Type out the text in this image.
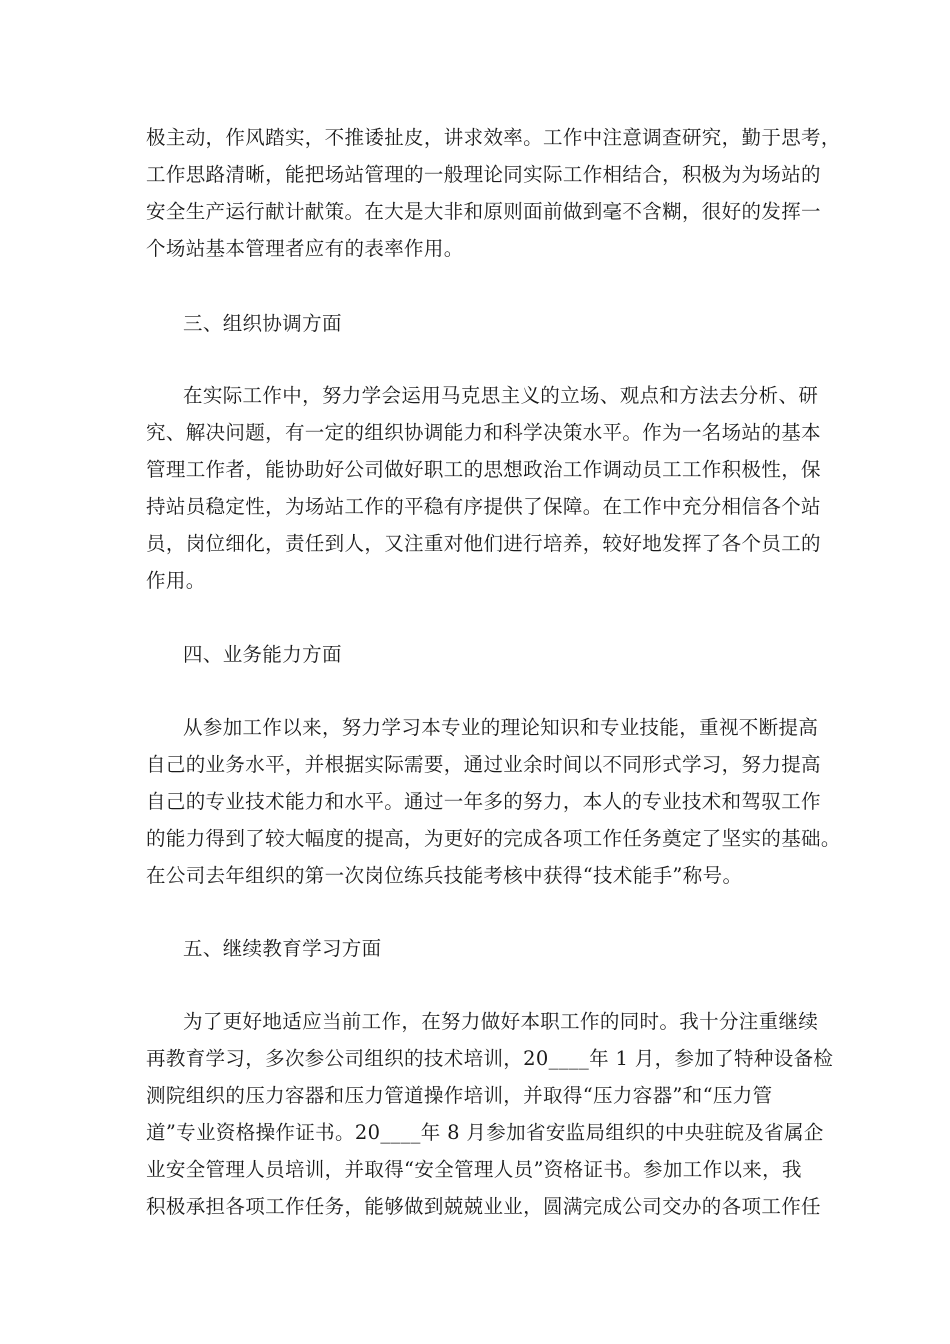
极主动，作风踏实，不推诿扯皮，讲求效率。工作中注意调查研究，勤于思考，
工作思路清晰，能把场站管理的一般理论同实际工作相结合，积极为为场站的
安全生产运行献计献策。在大是大非和原则面前做到毫不含糊，很好的发挥一
个场站基本管理者应有的表率作用。
三、组织协调方面
在实际工作中，努力学会运用马克思主义的立场、观点和方法去分析、研
究、解决问题，有一定的组织协调能力和科学决策水平。作为一名场站的基本
管理工作者，能协助好公司做好职工的思想政治工作调动员工工作积极性，保
持站员稳定性，为场站工作的平稳有序提供了保障。在工作中充分相信各个站
员，岗位细化，责任到人，又注重对他们进行培养，较好地发挥了各个员工的
作用。
四、业务能力方面
从参加工作以来，努力学习本专业的理论知识和专业技能，重视不断提高
自己的业务水平，并根据实际需要，通过业余时间以不同形式学习，努力提高
自己的专业技术能力和水平。通过一年多的努力，本人的专业技术和驾驭工作
的能力得到了较大幅度的提高，为更好的完成各项工作任务奠定了坚实的基础。
在公司去年组织的第一次岗位练兵技能考核中获得“技术能手”称号。
五、继续教育学习方面
为了更好地适应当前工作，在努力做好本职工作的同时。我十分注重继续
再教育学习，多次参公司组织的技术培训，20____年 1 月，参加了特种设备检
测院组织的压力容器和压力管道操作培训，并取得“压力容器”和“压力管
道”专业资格操作证书。20____年 8 月参加省安监局组织的中央驻皖及省属企
业安全管理人员培训，并取得“安全管理人员”资格证书。参加工作以来，我
积极承担各项工作任务，能够做到兢兢业业，圆满完成公司交办的各项工作任
